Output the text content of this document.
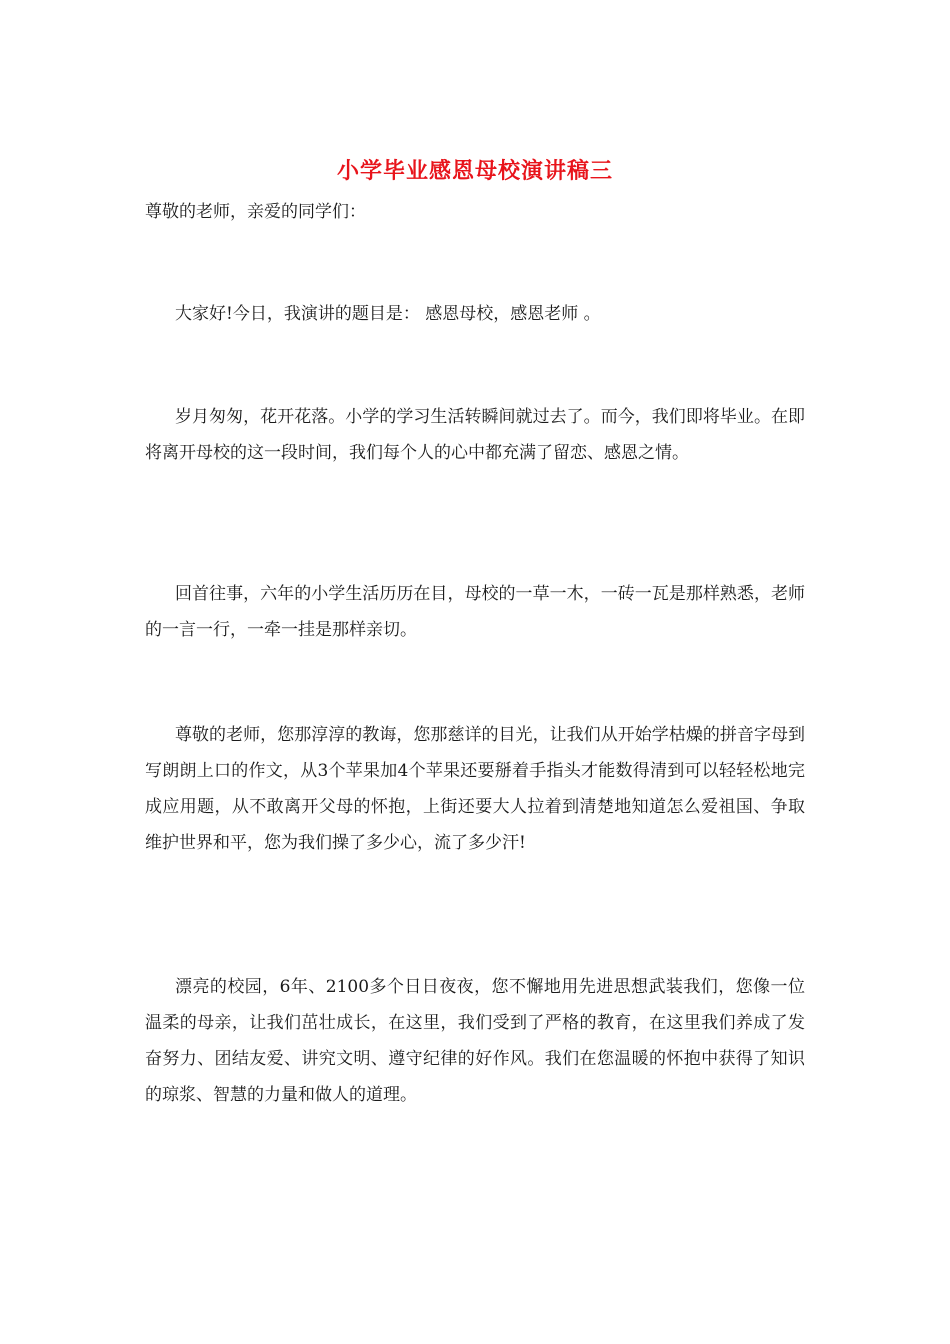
小学毕业感恩母校演讲稿三
尊敬的老师，亲爱的同学们：

大家好!今日，我演讲的题目是： 感恩母校，感恩老师 。

岁月匆匆，花开花落。小学的学习生活转瞬间就过去了。而今，我们即将毕业。在即将离开母校的这一段时间，我们每个人的心中都充满了留恋、感恩之情。

回首往事，六年的小学生活历历在目，母校的一草一木，一砖一瓦是那样熟悉，老师的一言一行，一牵一挂是那样亲切。

尊敬的老师，您那淳淳的教诲，您那慈详的目光，让我们从开始学枯燥的拼音字母到写朗朗上口的作文，从3个苹果加4个苹果还要掰着手指头才能数得清到可以轻轻松地完成应用题，从不敢离开父母的怀抱，上街还要大人拉着到清楚地知道怎么爱祖国、争取维护世界和平，您为我们操了多少心，流了多少汗!

漂亮的校园，6年、2100多个日日夜夜，您不懈地用先进思想武装我们，您像一位温柔的母亲，让我们茁壮成长，在这里，我们受到了严格的教育，在这里我们养成了发奋努力、团结友爱、讲究文明、遵守纪律的好作风。我们在您温暖的怀抱中获得了知识的琼浆、智慧的力量和做人的道理。
